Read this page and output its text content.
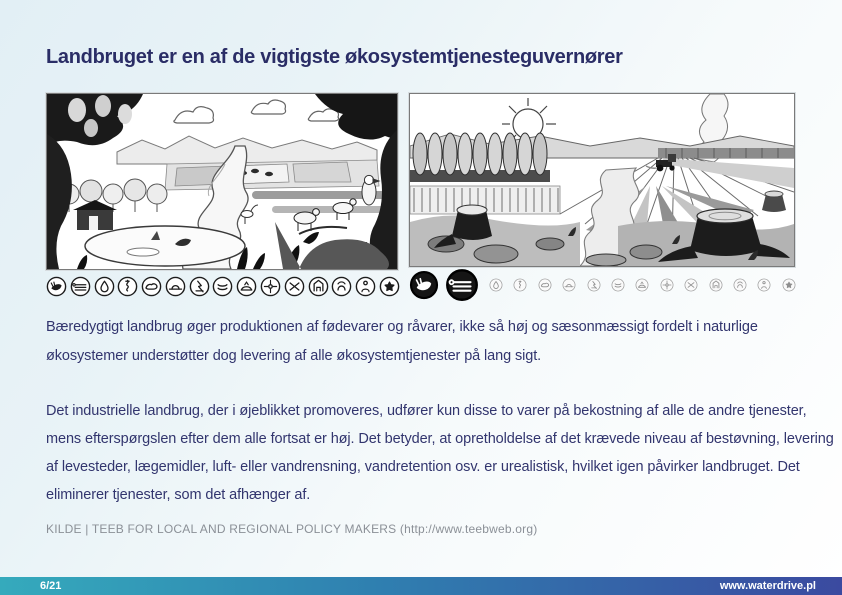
Landbruget er en af de vigtigste økosystemtjenesteguvernører

Bæredygtigt landbrug øger produktionen af fødevarer og råvarer, ikke så høj og sæsonmæssigt fordelt i naturlige økosystemer understøtter dog levering af alle økosystemtjenester på lang sigt.

Det industrielle landbrug, der i øjeblikket promoveres, udfører kun disse to varer på bekostning af alle de andre tjenester, mens efterspørgslen efter dem alle fortsat er høj. Det betyder, at opretholdelse af det krævede niveau af bestøvning, levering af levesteder, lægemidler, luft- eller vandrensning, vandretention osv. er urealistisk, hvilket igen påvirker landbruget. Det eliminerer tjenester, som det afhænger af.

KILDE | TEEB FOR LOCAL AND REGIONAL POLICY MAKERS (http://www.teebweb.org)

6/21	www.waterdrive.pl
